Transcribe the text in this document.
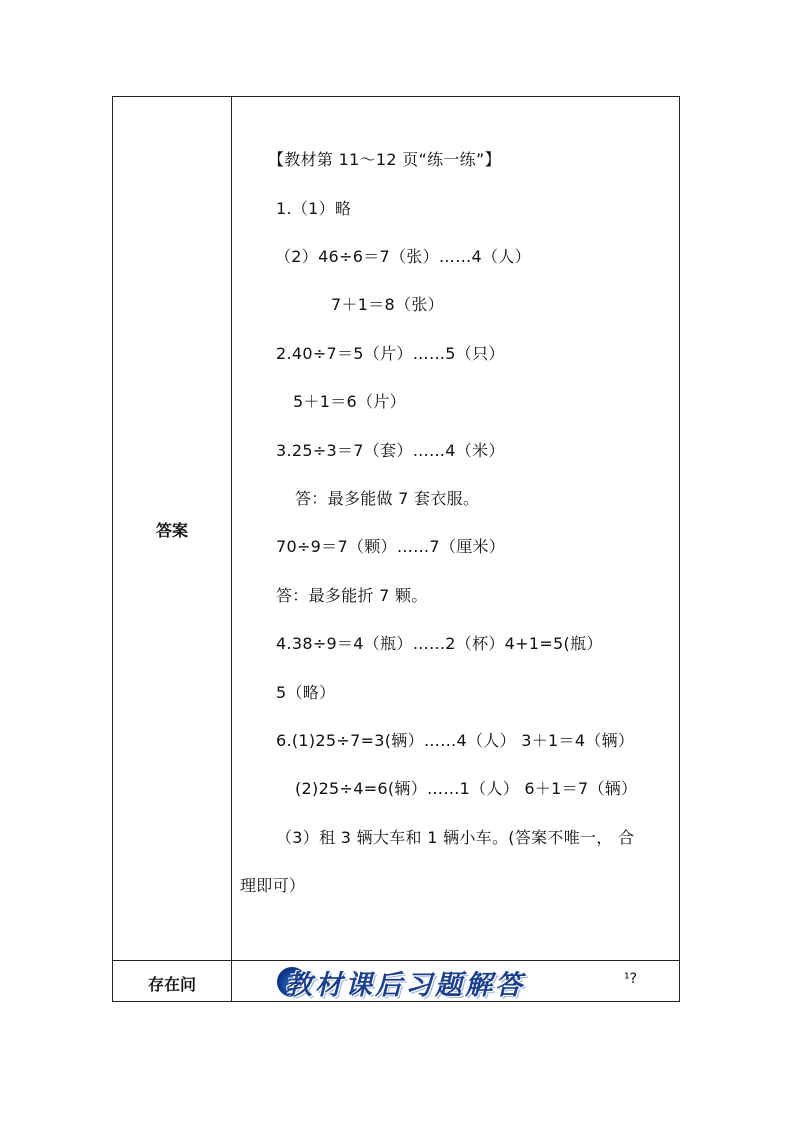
答案
存在问
【教材第 11～12 页“练一练”】
1.（1）略
（2）46÷6＝7（张）……4（人）
7＋1＝8（张）
2.40÷7＝5（片）……5（只）
5＋1＝6（片）
3.25÷3＝7（套）……4（米）
答：最多能做 7 套衣服。
70÷9＝7（颗）……7（厘米）
答：最多能折 7 颗。
4.38÷9＝4（瓶）……2（杯）4+1=5(瓶）
5（略）
6.(1)25÷7=3(辆）……4（人） 3＋1＝4（辆）
(2)25÷4=6(辆）……1（人） 6＋1＝7（辆）
（3）租 3 辆大车和 1 辆小车。(答案不唯一， 合
理即可）
教材课后习题解答	¹?
